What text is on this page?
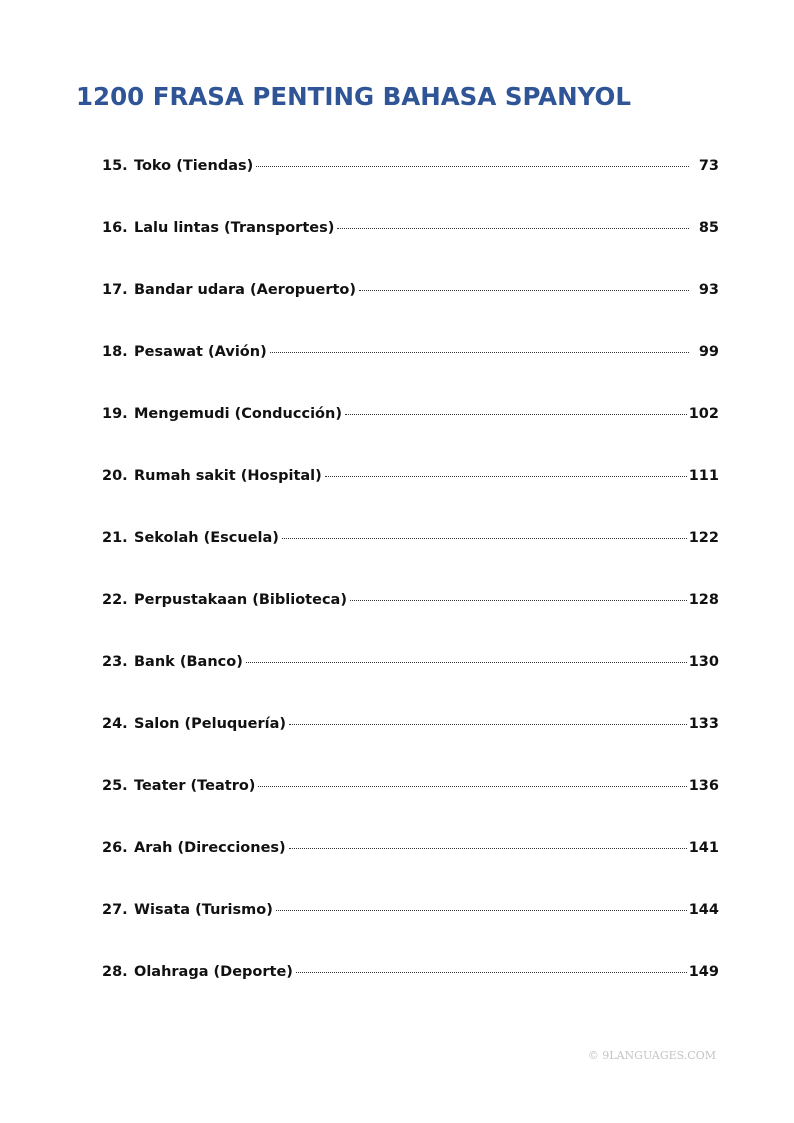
1200 FRASA PENTING BAHASA SPANYOL
15. Toko (Tiendas)	73
16. Lalu lintas (Transportes)	85
17. Bandar udara (Aeropuerto)	93
18. Pesawat (Avión)	99
19. Mengemudi (Conducción)	102
20. Rumah sakit (Hospital)	111
21. Sekolah (Escuela)	122
22. Perpustakaan (Biblioteca)	128
23. Bank (Banco)	130
24. Salon (Peluquería)	133
25. Teater (Teatro)	136
26. Arah (Direcciones)	141
27. Wisata (Turismo)	144
28. Olahraga (Deporte)	149
© 9LANGUAGES.COM
